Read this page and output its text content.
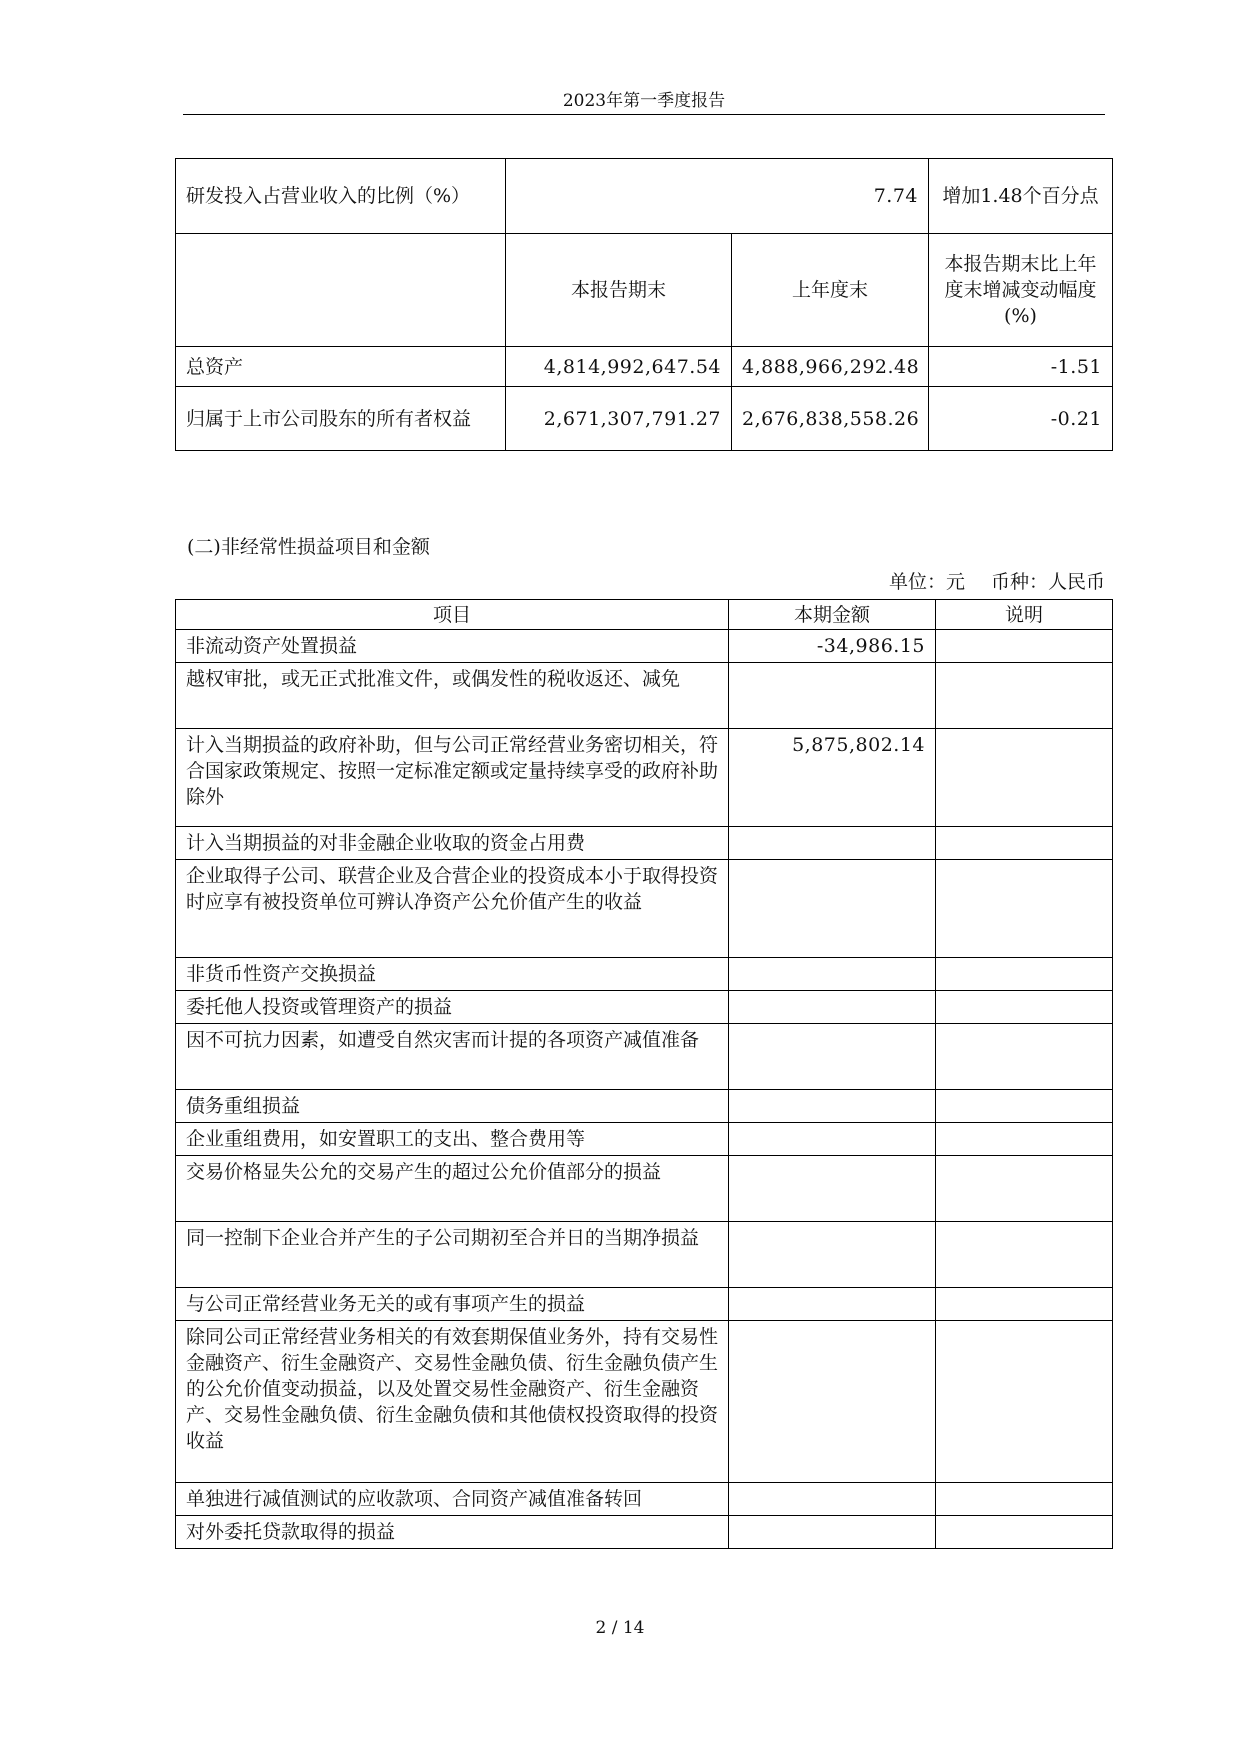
2023年第一季度报告
研发投入占营业收入的比例（%）	7.74		增加1.48个百分点
	本报告期末	上年度末	本报告期末比上年度末增减变动幅度(%)
总资产	4,814,992,647.54	4,888,966,292.48	-1.51
归属于上市公司股东的所有者权益	2,671,307,791.27	2,676,838,558.26	-0.21
(二)非经常性损益项目和金额
单位：元 币种：人民币
项目	本期金额	说明
非流动资产处置损益	-34,986.15	
越权审批，或无正式批准文件，或偶发性的税收返还、减免		
计入当期损益的政府补助，但与公司正常经营业务密切相关，符合国家政策规定、按照一定标准定额或定量持续享受的政府补助除外	5,875,802.14	
计入当期损益的对非金融企业收取的资金占用费		
企业取得子公司、联营企业及合营企业的投资成本小于取得投资时应享有被投资单位可辨认净资产公允价值产生的收益		
非货币性资产交换损益		
委托他人投资或管理资产的损益		
因不可抗力因素，如遭受自然灾害而计提的各项资产减值准备		
债务重组损益		
企业重组费用，如安置职工的支出、整合费用等		
交易价格显失公允的交易产生的超过公允价值部分的损益		
同一控制下企业合并产生的子公司期初至合并日的当期净损益		
与公司正常经营业务无关的或有事项产生的损益		
除同公司正常经营业务相关的有效套期保值业务外，持有交易性金融资产、衍生金融资产、交易性金融负债、衍生金融负债产生的公允价值变动损益，以及处置交易性金融资产、衍生金融资产、交易性金融负债、衍生金融负债和其他债权投资取得的投资收益		
单独进行减值测试的应收款项、合同资产减值准备转回		
对外委托贷款取得的损益		
2 / 14
